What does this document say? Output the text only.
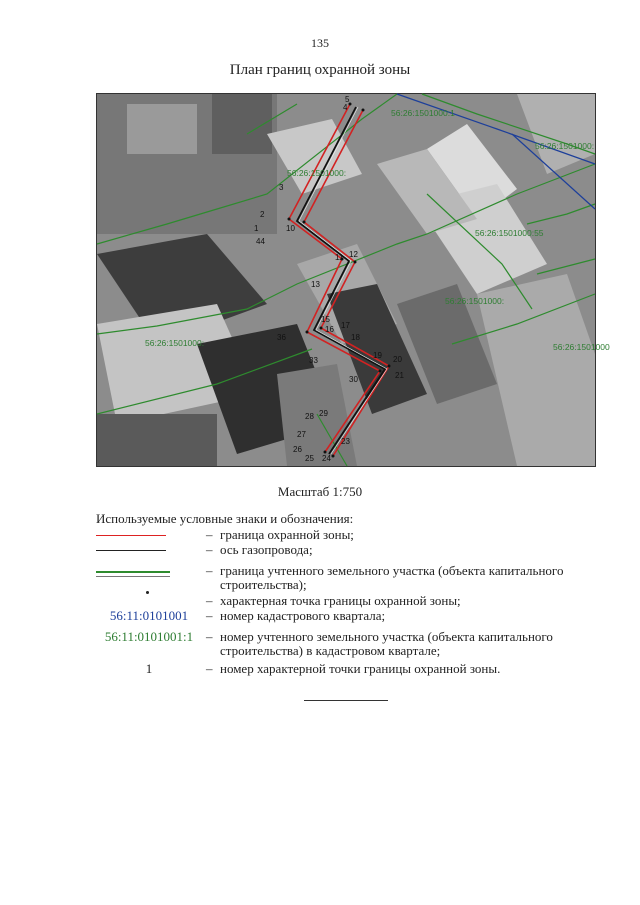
135
План границ охранной зоны
5
4
3
2
1
44
10
11 12
13
15
16 17
18
19 20
21
23
24
25
26
27
28 29
30
33
36
56:26:1501000:1
56:26:1501000:
56:26:1501000:55
56:26:1501000:
56:26:1501000:
56:26:1501000:
56:26:1501000
Масштаб 1:750
Используемые условные знаки и обозначения:
– граница охранной зоны;
– ось газопровода;
– граница учтенного земельного участка (объекта капитального строительства);
– характерная точка границы охранной зоны;
56:11:0101001	– номер кадастрового квартала;
56:11:0101001:1 – номер учтенного земельного участка (объекта капитального строительства) в кадастровом квартале;
1	– номер характерной точки границы охранной зоны.
